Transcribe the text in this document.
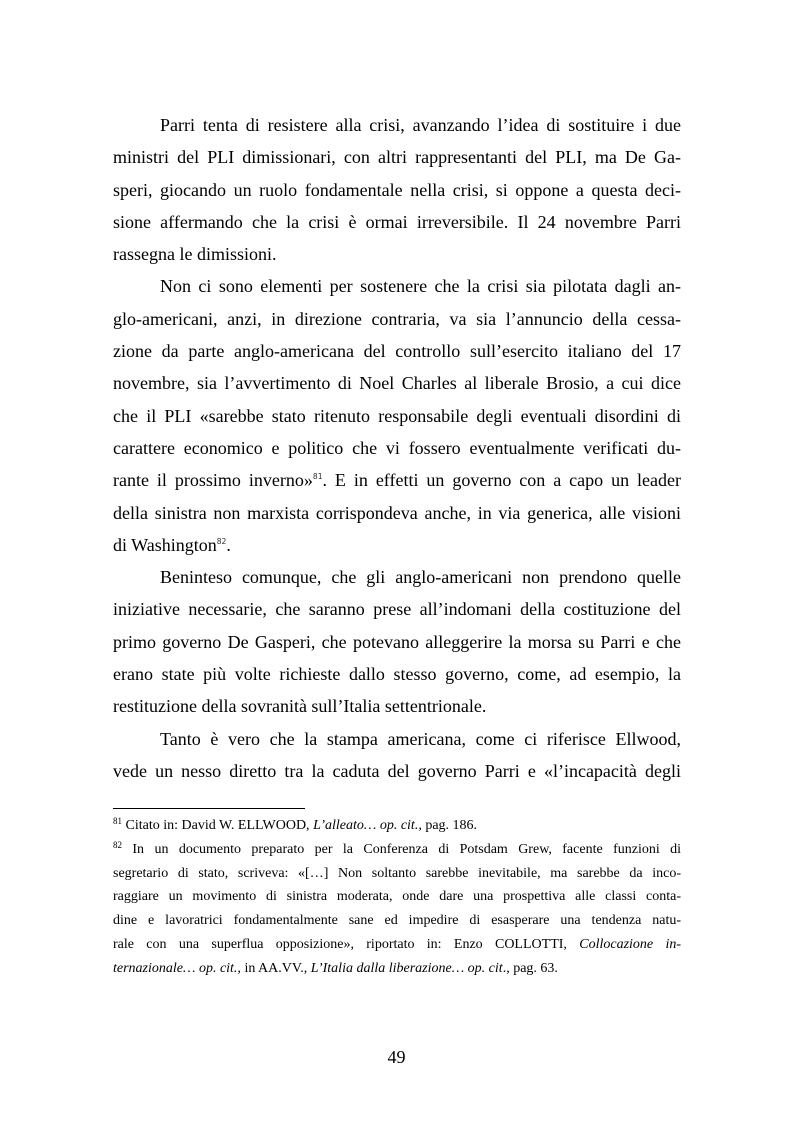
Parri tenta di resistere alla crisi, avanzando l’idea di sostituire i due
ministri del PLI dimissionari, con altri rappresentanti del PLI, ma De Ga-
speri, giocando un ruolo fondamentale nella crisi, si oppone a questa deci-
sione affermando che la crisi è ormai irreversibile. Il 24 novembre Parri
rassegna le dimissioni.
Non ci sono elementi per sostenere che la crisi sia pilotata dagli an-
glo-americani, anzi, in direzione contraria, va sia l’annuncio della cessa-
zione da parte anglo-americana del controllo sull’esercito italiano del 17
novembre, sia l’avvertimento di Noel Charles al liberale Brosio, a cui dice
che il PLI «sarebbe stato ritenuto responsabile degli eventuali disordini di
carattere economico e politico che vi fossero eventualmente verificati du-
rante il prossimo inverno»$^{81}$. E in effetti un governo con a capo un leader
della sinistra non marxista corrispondeva anche, in via generica, alle visioni
di Washington$^{82}$.
Beninteso comunque, che gli anglo-americani non prendono quelle
iniziative necessarie, che saranno prese all’indomani della costituzione del
primo governo De Gasperi, che potevano alleggerire la morsa su Parri e che
erano state più volte richieste dallo stesso governo, come, ad esempio, la
restituzione della sovranità sull’Italia settentrionale.
Tanto è vero che la stampa americana, come ci riferisce Ellwood,
vede un nesso diretto tra la caduta del governo Parri e «l’incapacità degli
$^{81}$ Citato in: David W. ELLWOOD, L’alleato… op. cit., pag. 186.
$^{82}$ In un documento preparato per la Conferenza di Potsdam Grew, facente funzioni di
segretario di stato, scriveva: «[…] Non soltanto sarebbe inevitabile, ma sarebbe da inco-
raggiare un movimento di sinistra moderata, onde dare una prospettiva alle classi conta-
dine e lavoratrici fondamentalmente sane ed impedire di esasperare una tendenza natu-
rale con una superflua opposizione», riportato in: Enzo COLLOTTI, Collocazione in-
ternazionale… op. cit., in AA.VV., L’Italia dalla liberazione… op. cit., pag. 63.
49
